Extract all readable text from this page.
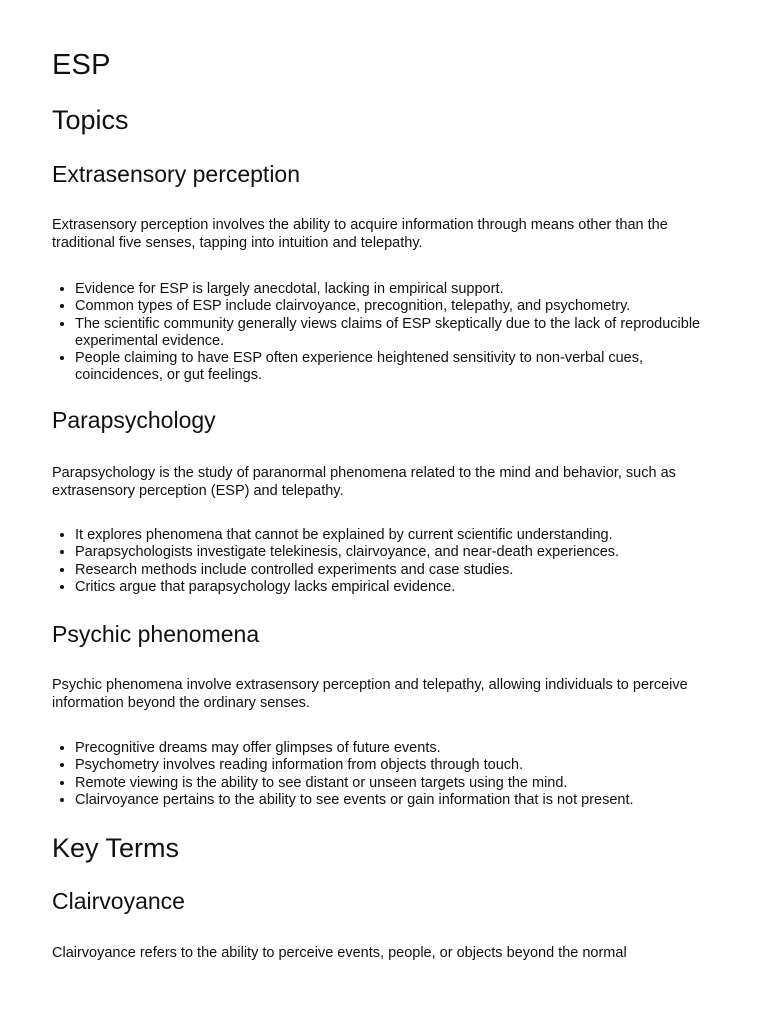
ESP
Topics
Extrasensory perception

Extrasensory perception involves the ability to acquire information through means other than the traditional five senses, tapping into intuition and telepathy.

• Evidence for ESP is largely anecdotal, lacking in empirical support.
• Common types of ESP include clairvoyance, precognition, telepathy, and psychometry.
• The scientific community generally views claims of ESP skeptically due to the lack of reproducible experimental evidence.
• People claiming to have ESP often experience heightened sensitivity to non-verbal cues, coincidences, or gut feelings.
Parapsychology

Parapsychology is the study of paranormal phenomena related to the mind and behavior, such as extrasensory perception (ESP) and telepathy.

• It explores phenomena that cannot be explained by current scientific understanding.
• Parapsychologists investigate telekinesis, clairvoyance, and near-death experiences.
• Research methods include controlled experiments and case studies.
• Critics argue that parapsychology lacks empirical evidence.
Psychic phenomena

Psychic phenomena involve extrasensory perception and telepathy, allowing individuals to perceive information beyond the ordinary senses.

• Precognitive dreams may offer glimpses of future events.
• Psychometry involves reading information from objects through touch.
• Remote viewing is the ability to see distant or unseen targets using the mind.
• Clairvoyance pertains to the ability to see events or gain information that is not present.
Key Terms
Clairvoyance

Clairvoyance refers to the ability to perceive events, people, or objects beyond the normal
